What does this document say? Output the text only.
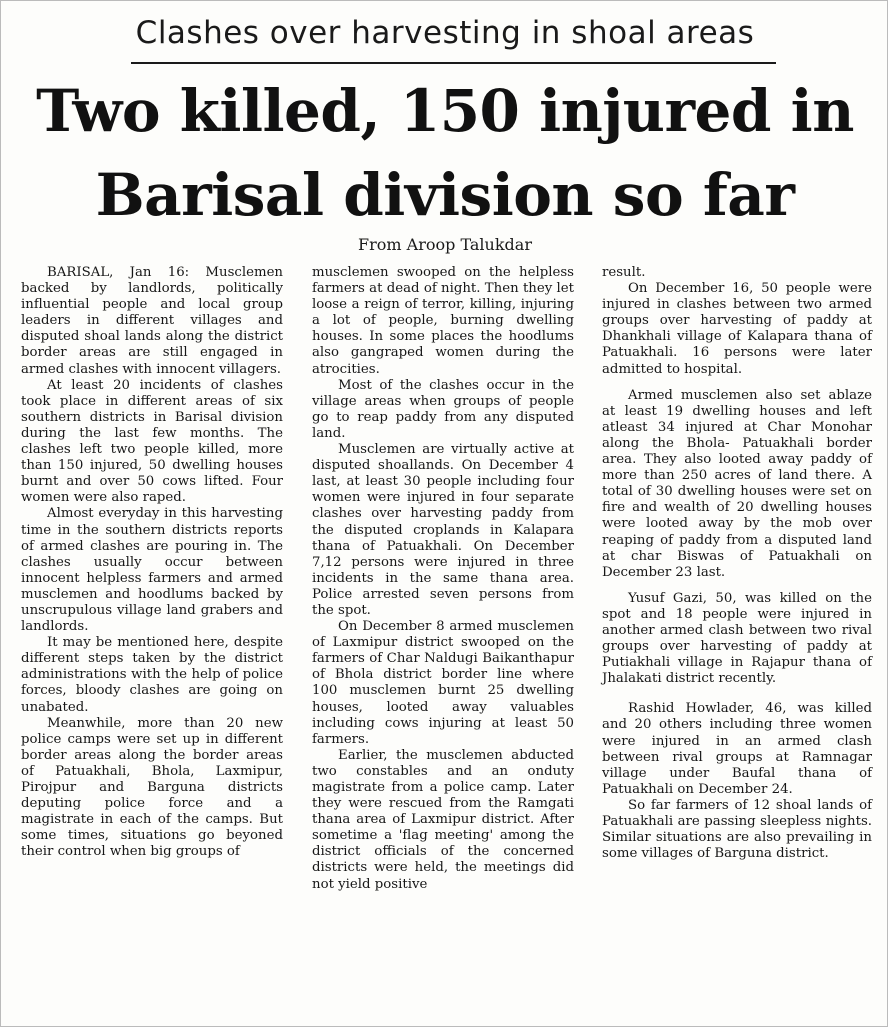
Clashes over harvesting in shoal areas
Two killed, 150 injured in Barisal division so far
From Aroop Talukdar

BARISAL, Jan 16: Musclemen backed by landlords, politically influential people and local group leaders in different villages and disputed shoal lands along the district border areas are still engaged in armed clashes with innocent villagers.

At least 20 incidents of clashes took place in different areas of six southern districts in Barisal division during the last few months. The clashes left two people killed, more than 150 injured, 50 dwelling houses burnt and over 50 cows lifted. Four women were also raped.

Almost everyday in this harvesting time in the southern districts reports of armed clashes are pouring in. The clashes usually occur between innocent helpless farmers and armed musclemen and hoodlums backed by unscrupulous village land grabers and landlords.

It may be mentioned here, despite different steps taken by the district administrations with the help of police forces, bloody clashes are going on unabated.

Meanwhile, more than 20 new police camps were set up in different border areas along the border areas of Patuakhali, Bhola, Laxmipur, Pirojpur and Barguna districts deputing police force and a magistrate in each of the camps. But some times, situations go beyoned their control when big groups of

musclemen swooped on the helpless farmers at dead of night. Then they let loose a reign of terror, killing, injuring a lot of people, burning dwelling houses. In some places the hoodlums also gangraped women during the atrocities.

Most of the clashes occur in the village areas when groups of people go to reap paddy from any disputed land.

Musclemen are virtually active at disputed shoallands. On December 4 last, at least 30 people including four women were injured in four separate clashes over harvesting paddy from the disputed croplands in Kalapara thana of Patuakhali. On December 7,12 persons were injured in three incidents in the same thana area. Police arrested seven persons from the spot.

On December 8 armed musclemen of Laxmipur district swooped on the farmers of Char Naldugi Baikanthapur of Bhola district border line where 100 musclemen burnt 25 dwelling houses, looted away valuables including cows injuring at least 50 farmers.

Earlier, the musclemen abducted two constables and an onduty magistrate from a police camp. Later they were rescued from the Ramgati thana area of Laxmipur district. After sometime a 'flag meeting' among the district officials of the concerned districts were held, the meetings did not yield positive

result.

On December 16, 50 people were injured in clashes between two armed groups over harvesting of paddy at Dhankhali village of Kalapara thana of Patuakhali. 16 persons were later admitted to hospital.

Armed musclemen also set ablaze at least 19 dwelling houses and left atleast 34 injured at Char Monohar along the Bhola- Patuakhali border area. They also looted away paddy of more than 250 acres of land there. A total of 30 dwelling houses were set on fire and wealth of 20 dwelling houses were looted away by the mob over reaping of paddy from a disputed land at char Biswas of Patuakhali on December 23 last.

Yusuf Gazi, 50, was killed on the spot and 18 people were injured in another armed clash between two rival groups over harvesting of paddy at Putiakhali village in Rajapur thana of Jhalakati district recently.

Rashid Howlader, 46, was killed and 20 others including three women were injured in an armed clash between rival groups at Ramnagar village under Baufal thana of Patuakhali on December 24.

So far farmers of 12 shoal lands of Patuakhali are passing sleepless nights. Similar situations are also prevailing in some villages of Barguna district.
